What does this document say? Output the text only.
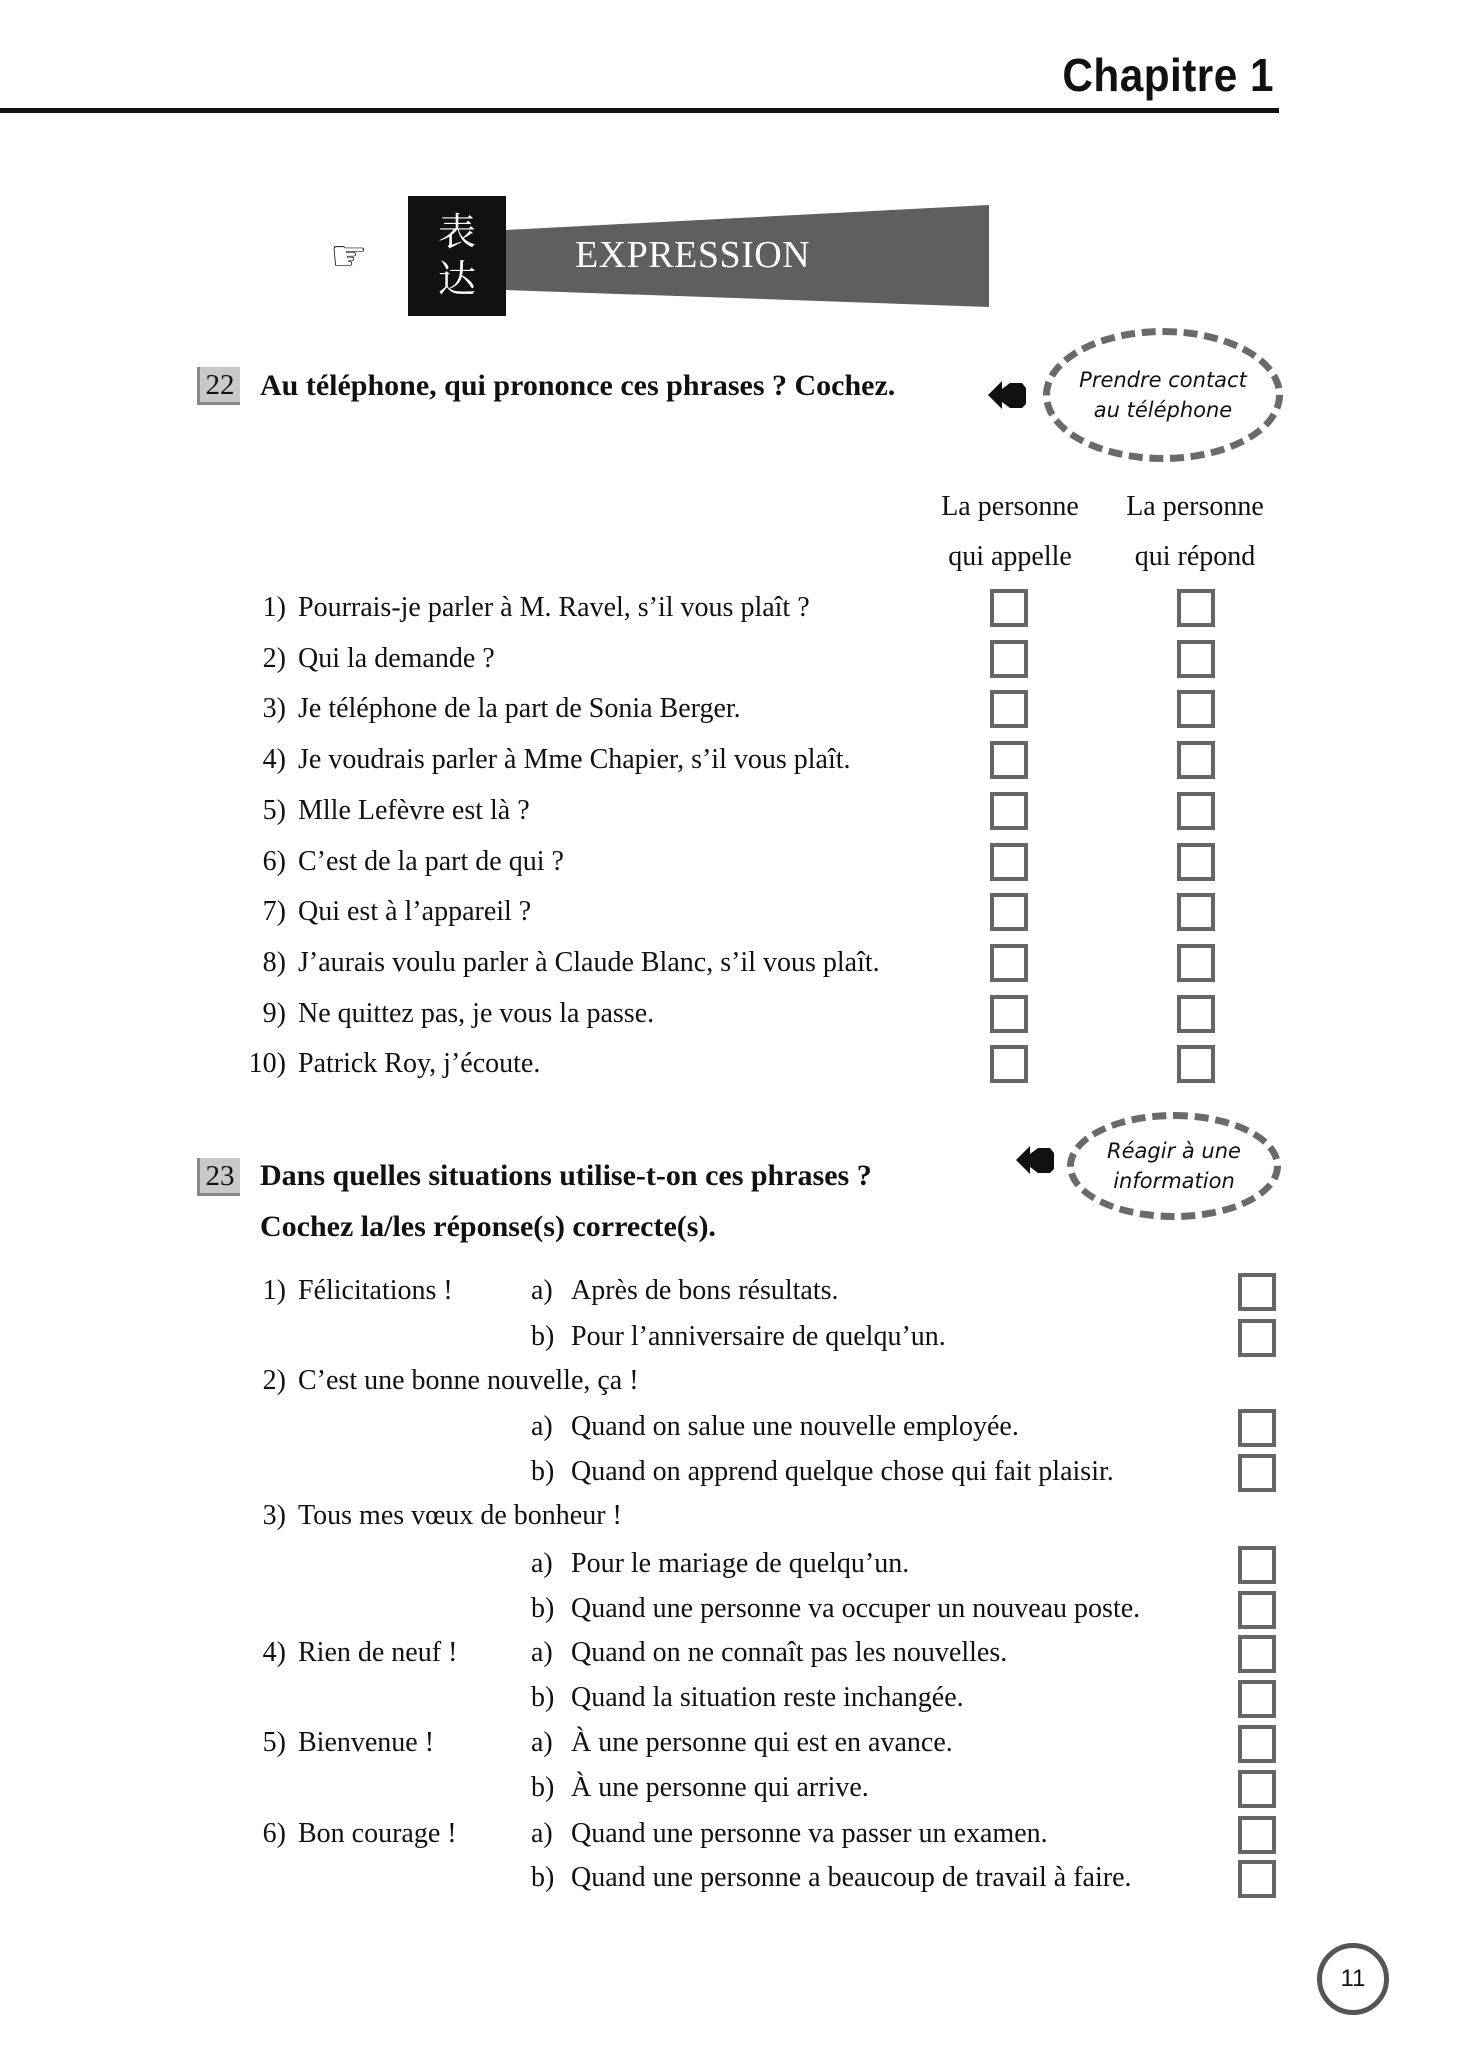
Chapitre 1
☞
表
达
EXPRESSION
22 Au téléphone, qui prononce ces phrases ? Cochez.	Prendre contact
au téléphone
La personne
qui appelle
La personne
qui répond
1) Pourrais-je parler à M. Ravel, s’il vous plaît ?
2) Qui la demande ?
3) Je téléphone de la part de Sonia Berger.
4) Je voudrais parler à Mme Chapier, s’il vous plaît.
5) Mlle Lefèvre est là ?
6) C’est de la part de qui ?
7) Qui est à l’appareil ?
8) J’aurais voulu parler à Claude Blanc, s’il vous plaît.
9) Ne quittez pas, je vous la passe.
10) Patrick Roy, j’écoute.
23 Dans quelles situations utilise-t-on ces phrases ?
Cochez la/les réponse(s) correcte(s).
Réagir à une
information
1) Félicitations !	a) Après de bons résultats.
b) Pour l’anniversaire de quelqu’un.
2) C’est une bonne nouvelle, ça !
a) Quand on salue une nouvelle employée.
b) Quand on apprend quelque chose qui fait plaisir.
3) Tous mes vœux de bonheur !
a) Pour le mariage de quelqu’un.
b) Quand une personne va occuper un nouveau poste.
4) Rien de neuf !	a) Quand on ne connaît pas les nouvelles.
b) Quand la situation reste inchangée.
5) Bienvenue !	a) À une personne qui est en avance.
b) À une personne qui arrive.
6) Bon courage !	a) Quand une personne va passer un examen.
b) Quand une personne a beaucoup de travail à faire.
11
